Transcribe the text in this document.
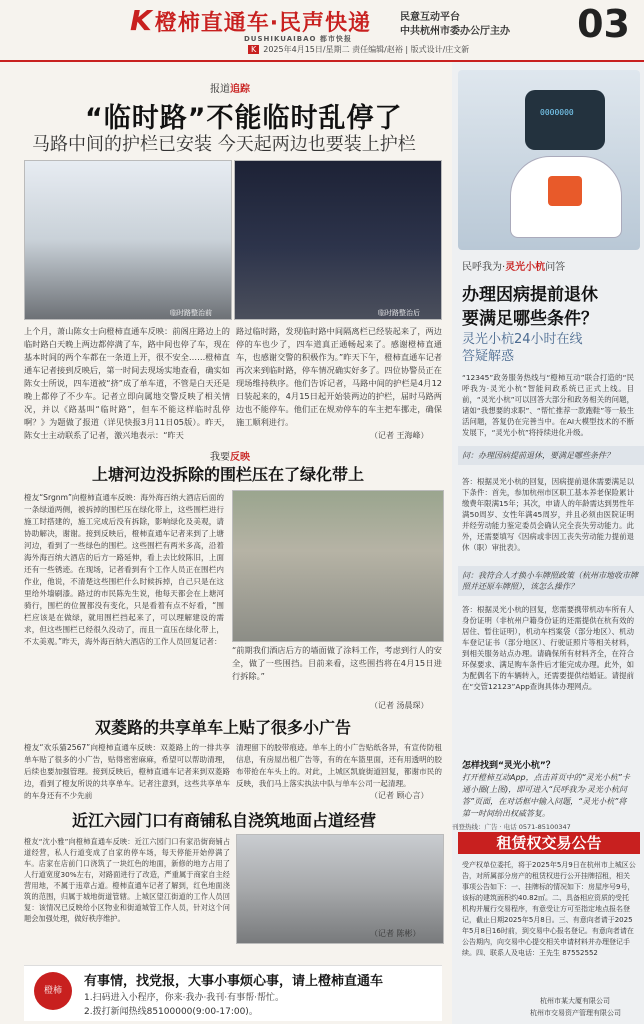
K橙柿直通车·民声快递	民意互动平台
中共杭州市委办公厅主办
DUSHIKUAIBAO 都市快报
K 2025年4月15日/星期二 责任编辑/赵裕 | 版式设计/庄文新
03
报道追踪
“临时路”不能临时乱停了
马路中间的护栏已安装 今天起两边也要装上护栏
临时路整治前	临时路整治后
上个月，萧山陈女士向橙柿直通车反映：前阁庄路边上的临时路白天晚上两边都停满了车，路中间也停了车，现在基本时间的两个车都在一条道上开，很不安全……橙柿直通车记者接到反映后，第一时间去现场实地查看，确实如陈女士所说，四车道被“挤”成了单车道，不管是白天还是晚上都停了不少车。记者立即向属地交警反映了相关情况，并以《路基叫“临时路”，但车不能这样临时乱停啊？》为题做了报道（详见快报3月11日05版）。昨天，陈女士主动联系了记者，激兴地表示：“昨天
路过临时路，发现临时路中间隔离栏已经装起来了，两边停的车也少了，四车道真正通畅起来了。感谢橙柿直通车，也感谢交警的积极作为。”昨天下午，橙柿直通车记者再次来到临时路，停车情况确实好多了。四位协警员正在现场维持秩序。他们告诉记者，马路中间的护栏是4月12日装起来的，4月15日起开始装两边的护栏，届时马路两边也不能停车。他们正在规劝停车的车主把车挪走，确保施工顺利进行。
（记者 王海峰）
我要反映
上塘河边没拆除的围栏压在了绿化带上
橙友“Srgnm”向橙柿直通车反映：海外海百纳大酒店后面的一条绿道两侧，被拆掉的围栏压在绿化带上，这些围栏进行施工时搭建的，施工完成后没有拆除，影响绿化及美观，请协助解决，谢谢。接到反映后，橙柿直通车记者来到了上塘河边，看到了一些绿色的围栏。这些围栏有两米多高，沿着海外海百纳大酒店的后方一路延伸，看上去比较陈旧，上面还有一些锈迹。在现场，记者看到有个工作人员正在围栏内作业，他说，不清楚这些围栏什么时候拆掉，自己只是在这里给外墙刷漆。路过的市民陈先生说，他每天都会在上塘河骑行，围栏的位置都没有变化，只是看着有点不好看，“围栏应该是在做绿，就用围栏挡起来了，可以理解建设的需求，但这些围栏已经很久没动了，而且一直压在绿化带上，不太美观。”昨天，海外海百纳大酒店的工作人员回复记者：
“前期我们酒店后方的墙面做了涂料工作，考虑到行人的安全，做了一些围挡。目前来看，这些围挡将在4月15日进行拆除。”
（记者 汤晨琛）
双菱路的共享单车上贴了很多小广告
橙友“欢乐猫2567”向橙柿直通车反映：双菱路上的一排共享单车贴了很多的小广告，贴得密密麻麻，希望可以帮助清理，后续也要加强管理。接到反映后，橙柿直通车记者来到双菱路边，看到了橙友所说的共享单车。记者注意到，这些共享单车的车身还有不少先前
清理留下的胶带痕迹。单车上的小广告贴纸各异，有宣传防租信息，有房屋出租广告等，有的在车篮里面，还有用透明的胶布带抢在车头上的。对此，上城区凯旋街道回复，都谢市民的反映，我们马上落实执法中队与单车公司一起清理。
（记者 顾心言）
近江六园门口有商铺私自浇筑地面占道经营
橙友“沈小雅”向橙柿直通车反映：近江六园门口有家沿街商铺占道经营，私人行道变成了自家的停车场，每天停能开始停满了车。店家在店前门口浇筑了一块红色的地面，新修的地方占用了人行道宽度30%左右，对路面进行了改造，严重属于商家自主经营用地，不属于违章占道。橙柿直通车记者了解到，红色地面浇筑的范围，归属于城地街道管辖。上城区望江街道的工作人员回复：该情况已反映给小区物业和街道城管工作人员，针对这个问题会加强处理，做好秩序维护。
（记者 陈彬）
橙柿
有事情，找党报，大事小事烦心事，请上橙柿直通车
1.扫码进入小程序，你来·我办·我刊·有事帮·帮忙。
2.拨打新闻热线85100000(9:00-17:00)。
0000000
民呼我为·灵光小杭问答
办理因病提前退休
要满足哪些条件？
灵光小杭24小时在线
答疑解惑
“12345”政务服务热线与“橙柿互动”联合打造的“民呼我为·灵光小杭”智能问政系统已正式上线。目前，“灵光小杭”可以回答大部分和政务相关的问题，诸如“我想要的求职”、“帮忙推荐一款跑鞋”等一般生活问题，答复仍在完善当中。在AI大模型技术的不断发展下，“灵光小杭”将持续进化升级。
问：办理因病提前退休，要满足哪些条件？
答：根据灵光小杭的回复，因病提前退休需要满足以下条件：首先，参加杭州市区职工基本养老保险累计缴费年限满15年；其次，申请人的年龄需达到男性年满50周岁、女性年满45周岁，并且必须由医院证明并经劳动能力鉴定委员会确认完全丧失劳动能力。此外，还需要填写《因病或非因工丧失劳动能力提前退休（职）审批表》。
问：我符合人才换小车牌照政策（杭州市地收市牌照并还原车牌照），该怎么操作？
答：根据灵光小杭的回复，您需要携带机动车所有人身份证明（非杭州户籍身份证的还需提供在杭有效的居住、暂住证明），机动车档案袋（部分地区）、机动车登记证书（部分地区）、行驶证照片等相关材料，到相关服务站点办理。请确保所有材料齐全，在符合环保要求、满足购车条件后才能完成办理。此外，如为配偶名下的车辆转入，还需要提供结婚证。请提前在“交管12123”App查询具体办理网点。
怎样找到“灵光小杭”？
打开橙柿互动App，点击首页中的“灵光小杭”卡通小圈(上图)，即可进入“民呼我为·灵光小杭问答”页面，在对话框中输入问题，“灵光小杭”将第一时间给出权威答复。
刊登热线：广告 · 电话 0571-85100347
租赁权交易公告
受产权单位委托，将于2025年5月9日在杭州市上城区公告，对所属部分房产的租赁权进行公开挂牌招租，相关事项公告如下：一、挂牌标的情况如下：房屋序号9号，该标的建筑面积约40.82㎡。二、具备相应资质的受托机构并履行交易程序，有意受让方可至指定地点报名登记，截止日期2025年5月8日。三、有意向者请于2025年5月8日16时前，到交易中心报名登记。有意向者请在公告期内，向交易中心提交相关申请材料并办理登记手续。四、联系人及电话：王先生 87552552
杭州市某大厦有限公司
杭州市交易资产管理有限公司
